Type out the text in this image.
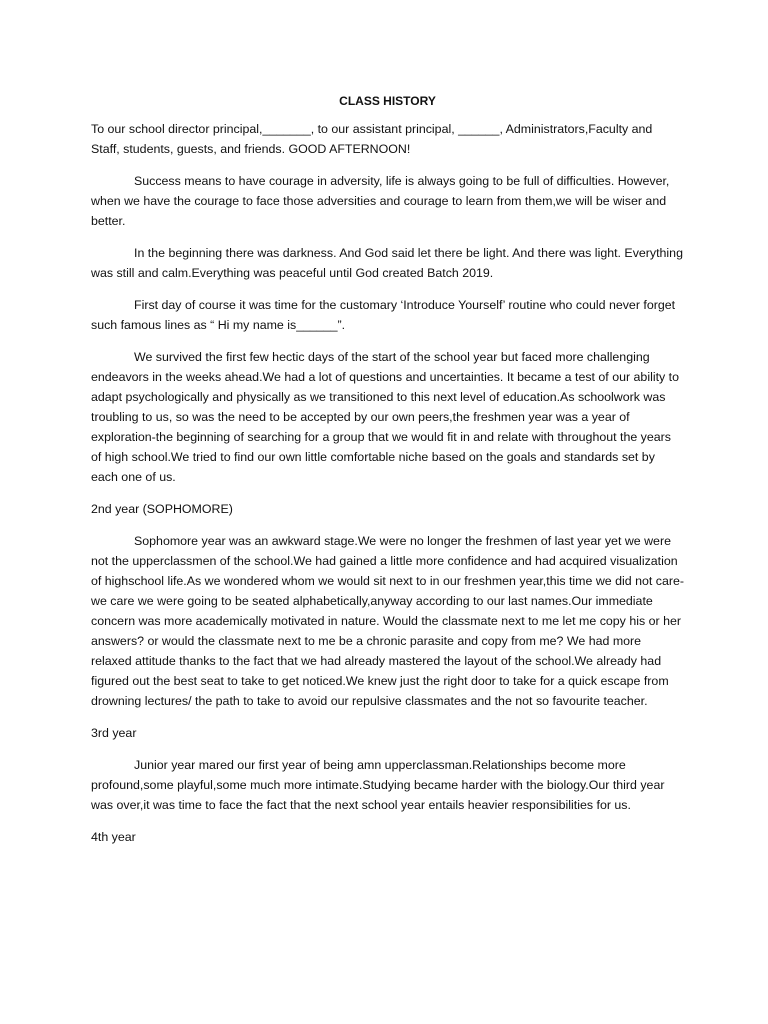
CLASS HISTORY

To our school director principal,_______, to our assistant principal, ______, Administrators,Faculty and Staff, students, guests, and friends. GOOD AFTERNOON!

Success means to have courage in adversity, life is always going to be full of difficulties. However, when we have the courage to face those adversities and courage to learn from them,we will be wiser and better.

In the beginning there was darkness. And God said let there be light. And there was light. Everything was still and calm.Everything was peaceful until God created Batch 2019.

First day of course it was time for the customary ‘Introduce Yourself’ routine who could never forget such famous lines as “ Hi my name is______”.

We survived the first few hectic days of the start of the school year but faced more challenging endeavors in the weeks ahead.We had a lot of questions and uncertainties. It became a test of our ability to adapt psychologically and physically as we transitioned to this next level of education.As schoolwork was troubling to us, so was the need to be accepted by our own peers,the freshmen year was a year of exploration-the beginning of searching for a group that we would fit in and relate with throughout the years of high school.We tried to find our own little comfortable niche based on the goals and standards set by each one of us.

2nd year (SOPHOMORE)

Sophomore year was an awkward stage.We were no longer the freshmen of last year yet we were not the upperclassmen of the school.We had gained a little more confidence and had acquired visualization of highschool life.As we wondered whom we would sit next to in our freshmen year,this time we did not care- we care we were going to be seated alphabetically,anyway according to our last names.Our immediate concern was more academically motivated in nature. Would the classmate next to me let me copy his or her answers? or would the classmate next to me be a chronic parasite and copy from me? We had more relaxed attitude thanks to the fact that we had already mastered the layout of the school.We already had figured out the best seat to take to get noticed.We knew just the right door to take for a quick escape from drowning lectures/ the path to take to avoid our repulsive classmates and the not so favourite teacher.

3rd year

Junior year mared our first year of being amn upperclassman.Relationships become more profound,some playful,some much more intimate.Studying became harder with the biology.Our third year was over,it was time to face the fact that the next school year entails heavier responsibilities for us.

4th year
